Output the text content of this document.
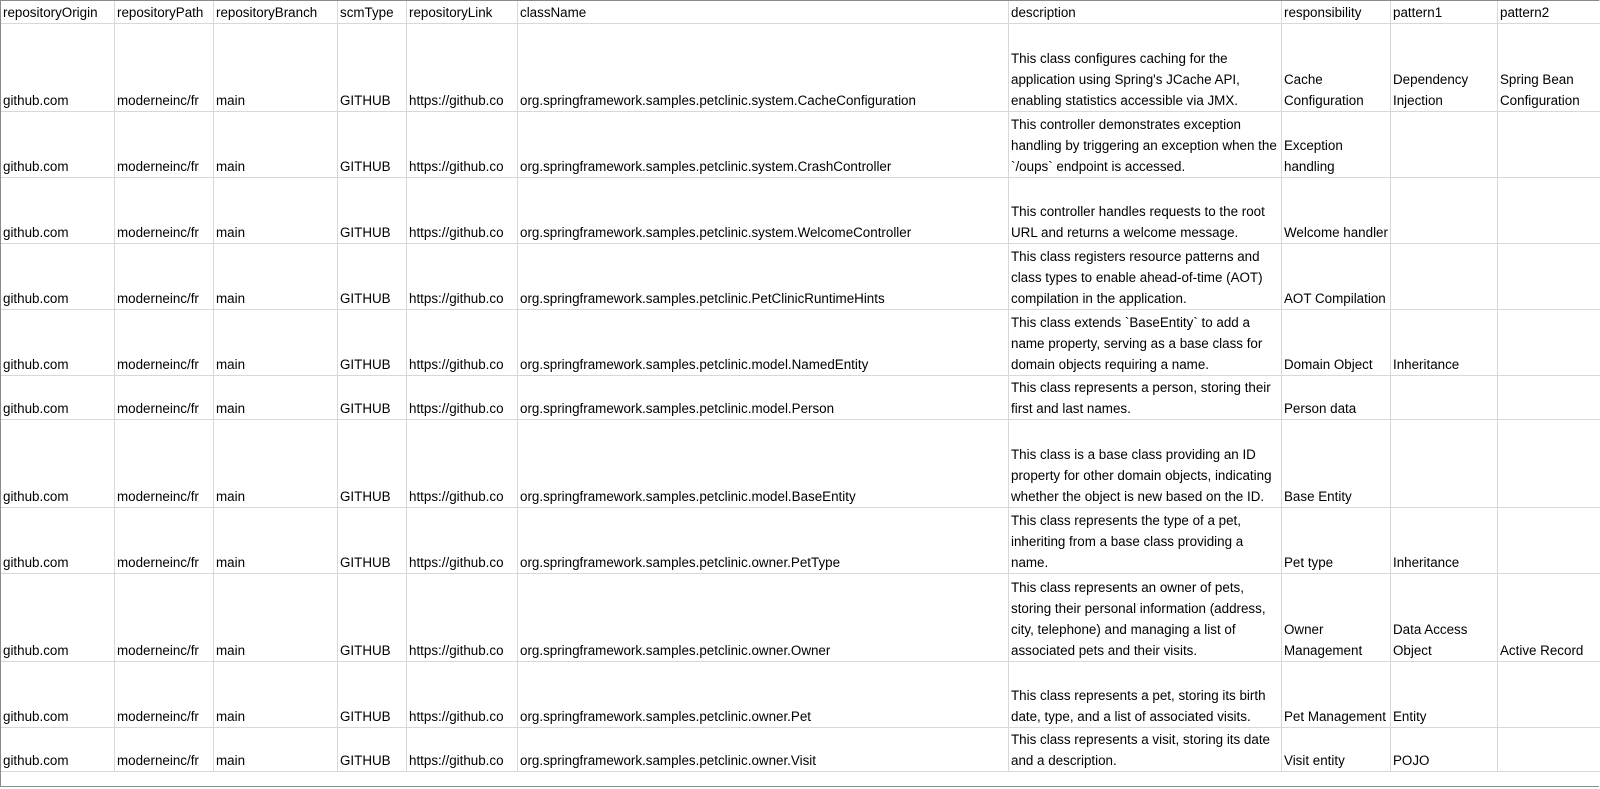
repositoryOrigin	repositoryPath	repositoryBranch	scmType	repositoryLink	className	description	responsibility	pattern1	pattern2
github.com	moderneinc/fr	main	GITHUB	https://github.co	org.springframework.samples.petclinic.system.CacheConfiguration	This class configures caching for the application using Spring's JCache API, enabling statistics accessible via JMX.	Cache Configuration	Dependency Injection	Spring Bean Configuration
github.com	moderneinc/fr	main	GITHUB	https://github.co	org.springframework.samples.petclinic.system.CrashController	This controller demonstrates exception handling by triggering an exception when the `/oups` endpoint is accessed.	Exception handling		
github.com	moderneinc/fr	main	GITHUB	https://github.co	org.springframework.samples.petclinic.system.WelcomeController	This controller handles requests to the root URL and returns a welcome message.	Welcome handler		
github.com	moderneinc/fr	main	GITHUB	https://github.co	org.springframework.samples.petclinic.PetClinicRuntimeHints	This class registers resource patterns and class types to enable ahead-of-time (AOT) compilation in the application.	AOT Compilation		
github.com	moderneinc/fr	main	GITHUB	https://github.co	org.springframework.samples.petclinic.model.NamedEntity	This class extends `BaseEntity` to add a name property, serving as a base class for domain objects requiring a name.	Domain Object	Inheritance	
github.com	moderneinc/fr	main	GITHUB	https://github.co	org.springframework.samples.petclinic.model.Person	This class represents a person, storing their first and last names.	Person data		
github.com	moderneinc/fr	main	GITHUB	https://github.co	org.springframework.samples.petclinic.model.BaseEntity	This class is a base class providing an ID property for other domain objects, indicating whether the object is new based on the ID.	Base Entity		
github.com	moderneinc/fr	main	GITHUB	https://github.co	org.springframework.samples.petclinic.owner.PetType	This class represents the type of a pet, inheriting from a base class providing a name.	Pet type	Inheritance	
github.com	moderneinc/fr	main	GITHUB	https://github.co	org.springframework.samples.petclinic.owner.Owner	This class represents an owner of pets, storing their personal information (address, city, telephone) and managing a list of associated pets and their visits.	Owner Management	Data Access Object	Active Record
github.com	moderneinc/fr	main	GITHUB	https://github.co	org.springframework.samples.petclinic.owner.Pet	This class represents a pet, storing its birth date, type, and a list of associated visits.	Pet Management	Entity	
github.com	moderneinc/fr	main	GITHUB	https://github.co	org.springframework.samples.petclinic.owner.Visit	This class represents a visit, storing its date and a description.	Visit entity	POJO	
